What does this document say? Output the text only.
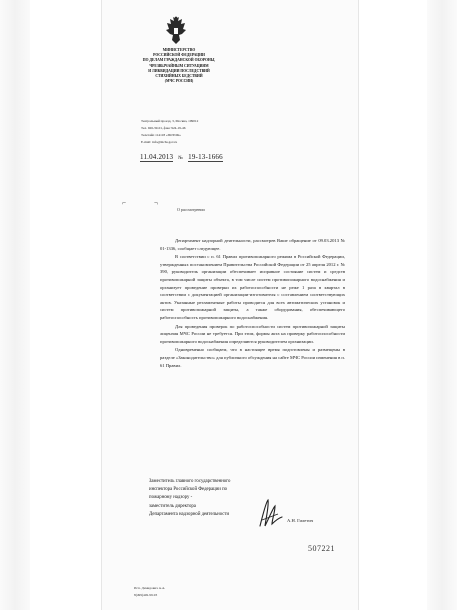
МИНИСТЕРСТВО
РОССИЙСКОЙ ФЕДЕРАЦИИ
ПО ДЕЛАМ ГРАЖДАНСКОЙ ОБОРОНЫ,
ЧРЕЗВЫЧАЙНЫМ СИТУАЦИЯМ
И ЛИКВИДАЦИИ ПОСЛЕДСТВИЙ
СТИХИЙНЫХ БЕДСТВИЙ
(МЧС РОССИИ)
Театральный проезд, 3, Москва, 109012
Тел. 926-39-01, факс 924-19-46
Телетайп 114118 «ПОТОК»
E-mail: info@mchs.gov.ru
11.04.2013 № 19-13-1666
⌐	¬
О рассмотрении

Департамент надзорной деятельности, рассмотрев Ваше обращение от 09.03.2013 № 01-1336, сообщает следующее.

В соответствии с п. 61 Правил противопожарного режима в Российской Федерации, утвержденных постановлением Правительства Российской Федерации от 25 апреля 2012 г. № 390, руководитель организации обеспечивает исправное состояние систем и средств противопожарной защиты объекта, в том числе систем противопожарного водоснабжения и организует проведение проверки их работоспособности не реже 1 раза в квартал в соответствии с документацией организации-изготовителя с составлением соответствующих актов. Указанные регламентные работы проводятся для всех автоматических установок и систем противопожарной защиты, а также оборудования, обеспечивающего работоспособность противопожарного водоснабжения.

Для проведения проверок по работоспособности систем противопожарной защиты лицензия МЧС России не требуется. При этом, формы акта на проверку работоспособности противопожарного водоснабжения определяются руководителем организации.

Одновременно сообщаем, что в настоящее время подготовлены и размещены в разделе «Законодательство» для публичного обсуждения на сайте МЧС России изменения в п. 61 Правил.

Заместитель главного государственного
инспектора Российской Федерации по
пожарному надзору -
заместитель директора
Департамента надзорной деятельности
А.Н. Гилетич
507221
Исп. Демидович А.А.
8(499)449-99-93
